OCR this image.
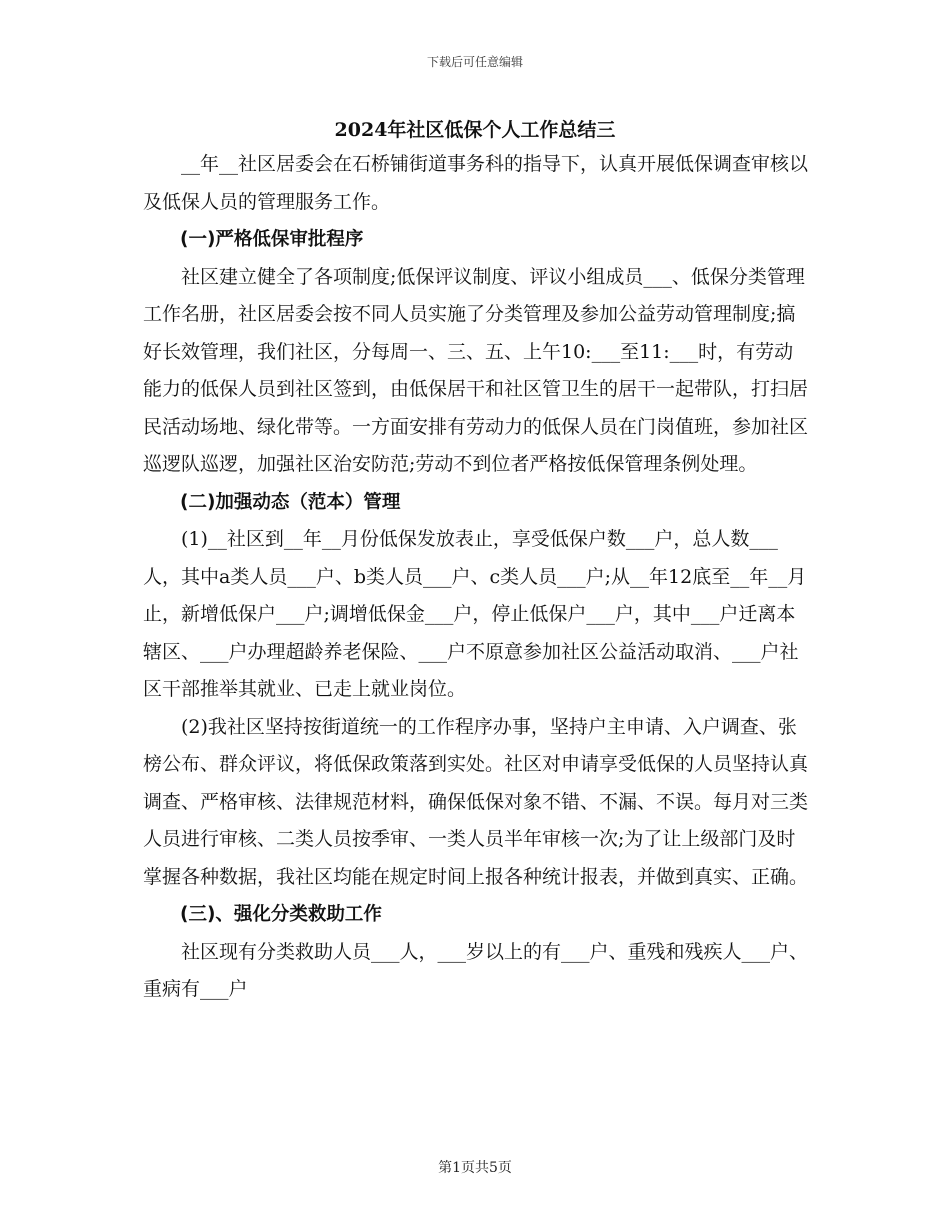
下载后可任意编辑
2024年社区低保个人工作总结三

__年__社区居委会在石桥铺街道事务科的指导下，认真开展低保调查审核以及低保人员的管理服务工作。

(一)严格低保审批程序

社区建立健全了各项制度;低保评议制度、评议小组成员___、低保分类管理工作名册，社区居委会按不同人员实施了分类管理及参加公益劳动管理制度;搞好长效管理，我们社区，分每周一、三、五、上午10:___至11:___时，有劳动能力的低保人员到社区签到，由低保居干和社区管卫生的居干一起带队，打扫居民活动场地、绿化带等。一方面安排有劳动力的低保人员在门岗值班，参加社区巡逻队巡逻，加强社区治安防范;劳动不到位者严格按低保管理条例处理。

(二)加强动态（范本）管理

(1)__社区到__年__月份低保发放表止，享受低保户数___户，总人数___人，其中a类人员___户、b类人员___户、c类人员___户;从__年12底至__年__月止，新增低保户___户;调增低保金___户，停止低保户___户，其中___户迁离本辖区、___户办理超龄养老保险、___户不原意参加社区公益活动取消、___户社区干部推举其就业、已走上就业岗位。

(2)我社区坚持按街道统一的工作程序办事，坚持户主申请、入户调查、张榜公布、群众评议，将低保政策落到实处。社区对申请享受低保的人员坚持认真调查、严格审核、法律规范材料，确保低保对象不错、不漏、不误。每月对三类人员进行审核、二类人员按季审、一类人员半年审核一次;为了让上级部门及时掌握各种数据，我社区均能在规定时间上报各种统计报表，并做到真实、正确。

(三)、强化分类救助工作

社区现有分类救助人员___人，___岁以上的有___户、重残和残疾人___户、重病有___户

第1页共5页
